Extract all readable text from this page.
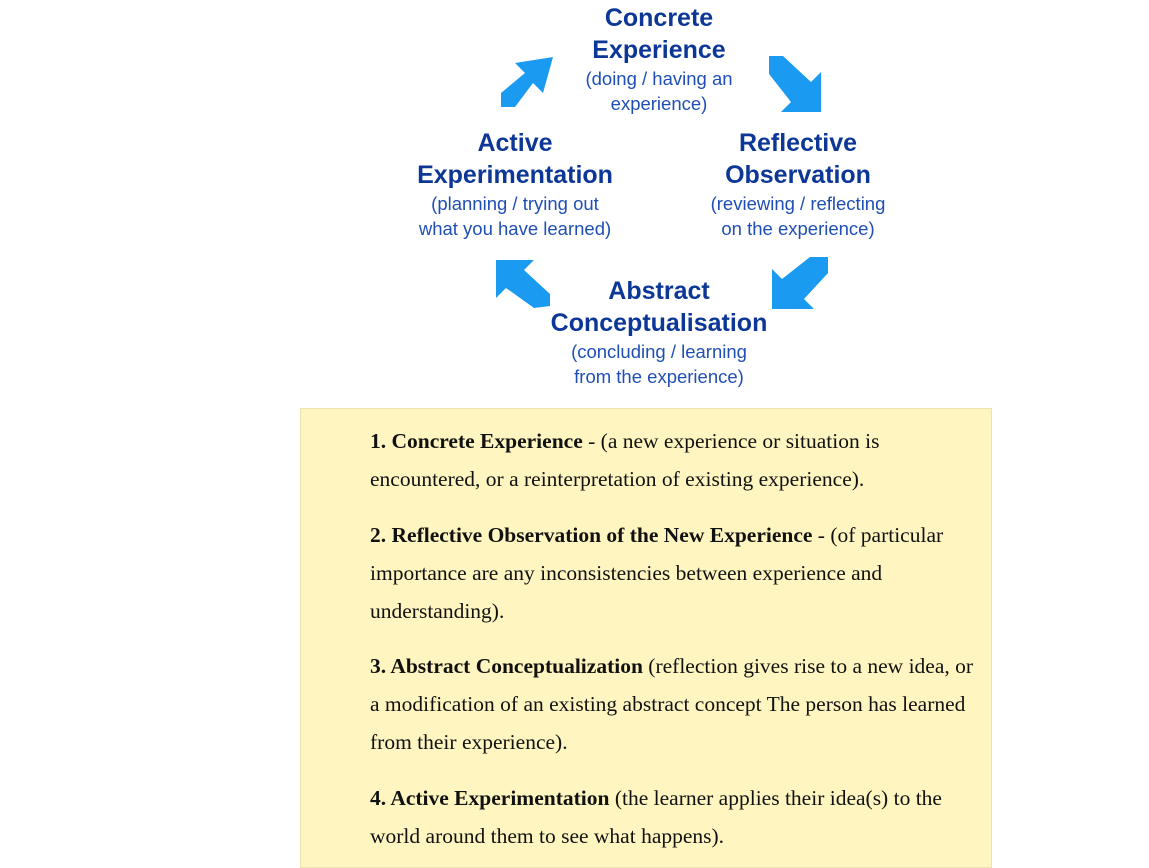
Concrete
Experience
(doing / having an
experience)
Reflective
Observation
(reviewing / reflecting
on the experience)
Abstract
Conceptualisation
(concluding / learning
from the experience)
Active
Experimentation
(planning / trying out
what you have learned)
1. Concrete Experience - (a new experience or situation is encountered, or a reinterpretation of existing experience).
2. Reflective Observation of the New Experience - (of particular importance are any inconsistencies between experience and understanding).
3. Abstract Conceptualization (reflection gives rise to a new idea, or a modification of an existing abstract concept The person has learned from their experience).
4. Active Experimentation (the learner applies their idea(s) to the world around them to see what happens).
